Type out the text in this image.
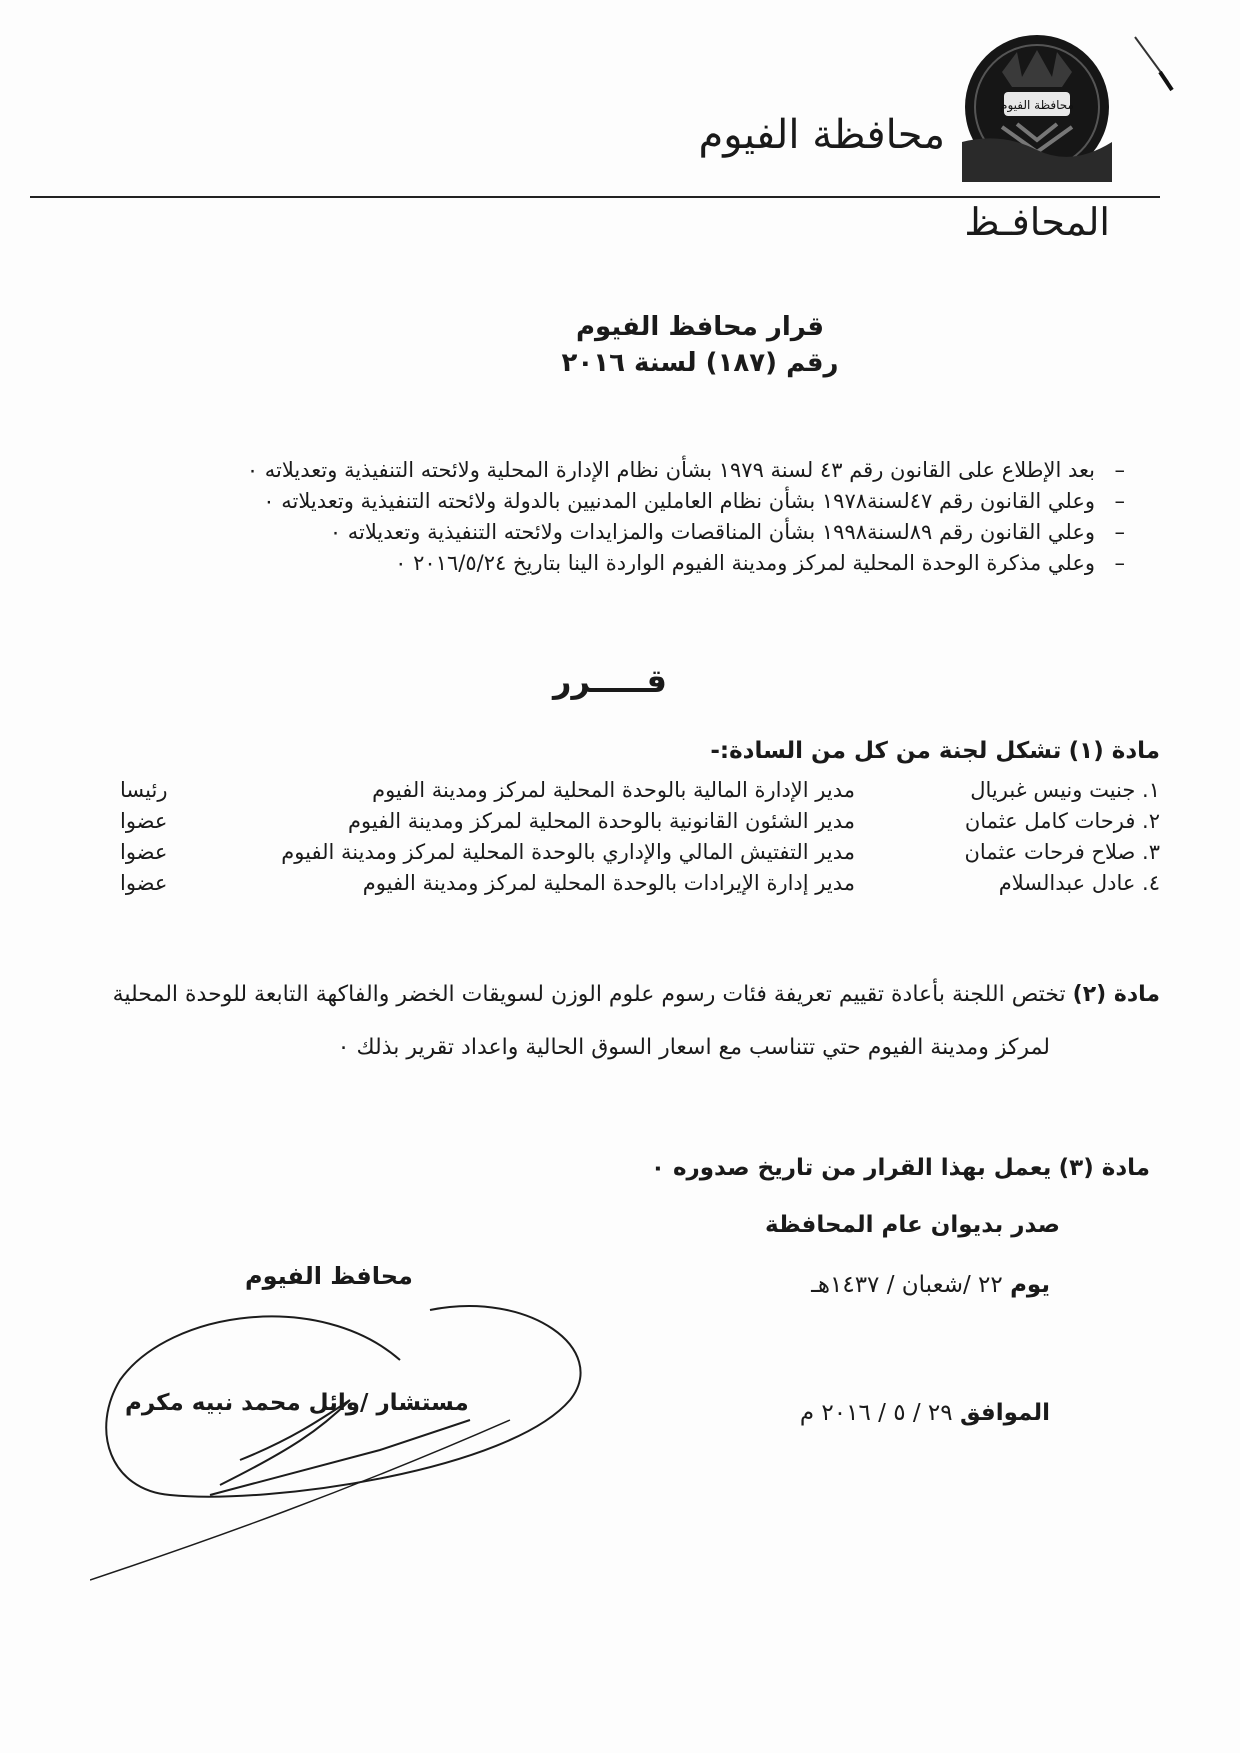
محافظة الفيوم
محافظة الفيوم
المحافـظ
قرار محافظ الفيوم
رقم (١٨٧) لسنة ٢٠١٦
–بعد الإطلاع على القانون رقم ٤٣ لسنة ١٩٧٩ بشأن نظام الإدارة المحلية ولائحته التنفيذية وتعديلاته ٠
–وعلي القانون رقم ٤٧لسنة١٩٧٨ بشأن نظام العاملين المدنيين بالدولة ولائحته التنفيذية وتعديلاته ٠
–وعلي القانون رقم ٨٩لسنة١٩٩٨ بشأن المناقصات والمزايدات ولائحته التنفيذية وتعديلاته ٠
–وعلي مذكرة الوحدة المحلية لمركز ومدينة الفيوم الواردة الينا بتاريخ ٢٠١٦/٥/٢٤ ٠
قـــــرر
مادة (١) تشكل لجنة من كل من السادة:-
١. جنيت ونيس غبريال
مدير الإدارة المالية بالوحدة المحلية لمركز ومدينة الفيوم
رئيسا
٢. فرحات كامل عثمان
مدير الشئون القانونية بالوحدة المحلية لمركز ومدينة الفيوم
عضوا
٣. صلاح فرحات عثمان
مدير التفتيش المالي والإداري بالوحدة المحلية لمركز ومدينة الفيوم
عضوا
٤. عادل عبدالسلام
مدير إدارة الإيرادات بالوحدة المحلية لمركز ومدينة الفيوم
عضوا
مادة (٢) تختص اللجنة بأعادة تقييم تعريفة فئات رسوم علوم الوزن لسويقات الخضر والفاكهة التابعة للوحدة المحلية
لمركز ومدينة الفيوم حتي تتناسب مع اسعار السوق الحالية واعداد تقرير بذلك ٠
مادة (٣) يعمل بهذا القرار من تاريخ صدوره ٠
صدر بديوان عام المحافظة
يوم ٢٢ /شعبان / ١٤٣٧هـ
الموافق ٢٩ / ٥ / ٢٠١٦ م
محافظ الفيوم
مستشار /وائل محمد نبيه مكرم
